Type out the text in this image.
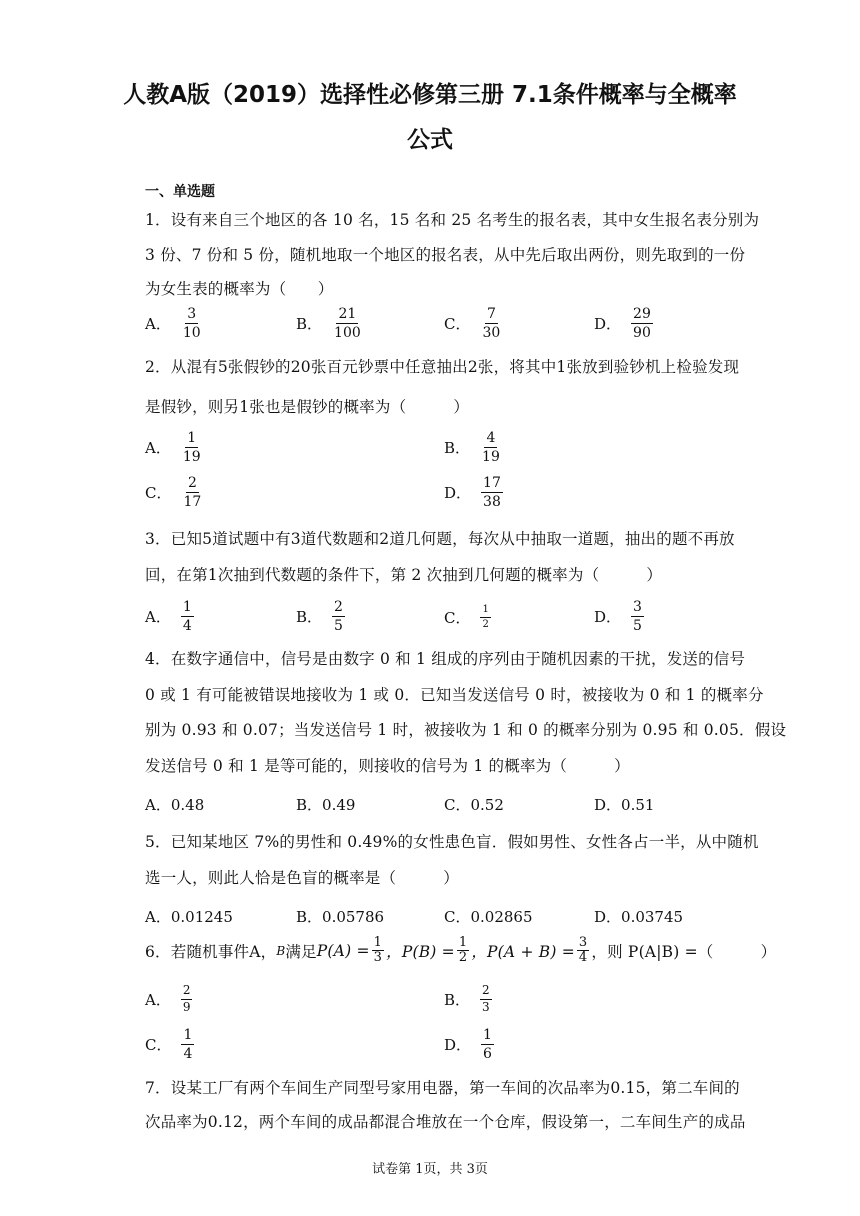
人教A版（2019）选择性必修第三册 7.1条件概率与全概率
公式
一、单选题
1．设有来自三个地区的各 10 名，15 名和 25 名考生的报名表，其中女生报名表分别为
3 份、7 份和 5 份，随机地取一个地区的报名表，从中先后取出两份，则先取到的一份
为女生表的概率为（　　）
A． $\frac{3}{10}$	B． $\frac{21}{100}$	C． $\frac{7}{30}$	D． $\frac{29}{90}$
2．从混有5张假钞的20张百元钞票中任意抽出2张，将其中1张放到验钞机上检验发现
是假钞，则另1张也是假钞的概率为（　　　）
A． $\frac{1}{19}$	B． $\frac{4}{19}$
C． $\frac{2}{17}$	D． $\frac{17}{38}$
3．已知5道试题中有3道代数题和2道几何题，每次从中抽取一道题，抽出的题不再放
回，在第1次抽到代数题的条件下，第 2 次抽到几何题的概率为（　　　）
A． $\frac{1}{4}$	B． $\frac{2}{5}$	C． $\frac{1}{2}$	D． $\frac{3}{5}$
4．在数字通信中，信号是由数字 0 和 1 组成的序列由于随机因素的干扰，发送的信号
0 或 1 有可能被错误地接收为 1 或 0．已知当发送信号 0 时，被接收为 0 和 1 的概率分
别为 0.93 和 0.07；当发送信号 1 时，被接收为 1 和 0 的概率分别为 0.95 和 0.05．假设
发送信号 0 和 1 是等可能的，则接收的信号为 1 的概率为（　　　）
A．0.48	B．0.49	C．0.52	D．0.51
5．已知某地区 7%的男性和 0.49%的女性患色盲．假如男性、女性各占一半，从中随机
选一人，则此人恰是色盲的概率是（　　　）
A．0.01245	B．0.05786	C．0.02865	D．0.03745
6．若随机事件A， B 满足 $P(A) = \frac{1}{3}$ ，$P(B) = \frac{1}{2}$ ，$P(A + B) = \frac{3}{4}$ ，则 P(A|B) =（　　　）
A． $\frac{2}{9}$	B． $\frac{2}{3}$
C． $\frac{1}{4}$	D． $\frac{1}{6}$
7．设某工厂有两个车间生产同型号家用电器，第一车间的次品率为0.15，第二车间的
次品率为0.12，两个车间的成品都混合堆放在一个仓库，假设第一，二车间生产的成品
试卷第 1页，共 3页
